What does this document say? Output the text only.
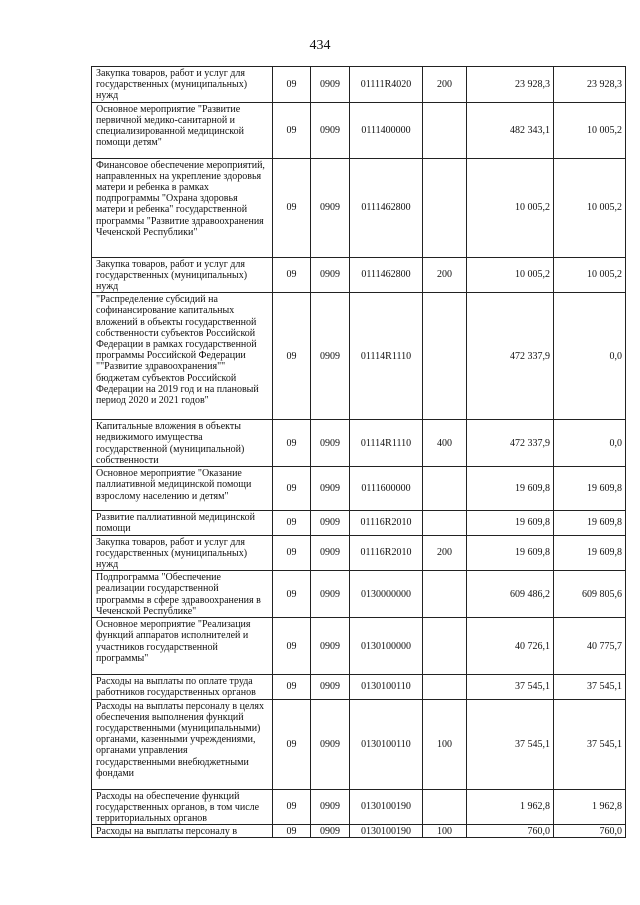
434
Закупка товаров, работ и услуг для государственных (муниципальных) нужд	09	0909	01111R4020	200	23 928,3	23 928,3
Основное мероприятие "Развитие первичной медико-санитарной и специализированной медицинской помощи детям"	09	0909	0111400000		482 343,1	10 005,2
Финансовое обеспечение мероприятий, направленных на укрепление здоровья матери и ребенка в рамках подпрограммы "Охрана здоровья матери и ребенка" государственной программы "Развитие здравоохранения Чеченской Республики"	09	0909	0111462800		10 005,2	10 005,2
Закупка товаров, работ и услуг для государственных (муниципальных) нужд	09	0909	0111462800	200	10 005,2	10 005,2
"Распределение субсидий на софинансирование капитальных вложений в объекты государственной собственности субъектов Российской Федерации в рамках государственной программы Российской Федерации ""Развитие здравоохранения"" бюджетам субъектов Российской Федерации на 2019 год и на плановый период 2020 и 2021 годов"	09	0909	01114R1110		472 337,9	0,0
Капитальные вложения в объекты недвижимого имущества государственной (муниципальной) собственности	09	0909	01114R1110	400	472 337,9	0,0
Основное мероприятие "Оказание паллиативной медицинской помощи взрослому населению и детям"	09	0909	0111600000		19 609,8	19 609,8
Развитие паллиативной медицинской помощи	09	0909	01116R2010		19 609,8	19 609,8
Закупка товаров, работ и услуг для государственных (муниципальных) нужд	09	0909	01116R2010	200	19 609,8	19 609,8
Подпрограмма "Обеспечение реализации государственной программы в сфере здравоохранения в Чеченской Республике"	09	0909	0130000000		609 486,2	609 805,6
Основное мероприятие "Реализация функций аппаратов исполнителей и участников государственной программы"	09	0909	0130100000		40 726,1	40 775,7
Расходы на выплаты по оплате труда работников государственных органов	09	0909	0130100110		37 545,1	37 545,1
Расходы на выплаты персоналу в целях обеспечения выполнения функций государственными (муниципальными) органами, казенными учреждениями, органами управления государственными внебюджетными фондами	09	0909	0130100110	100	37 545,1	37 545,1
Расходы на обеспечение функций государственных органов, в том числе территориальных органов	09	0909	0130100190		1 962,8	1 962,8
Расходы на выплаты персоналу в	09	0909	0130100190	100	760,0	760,0
